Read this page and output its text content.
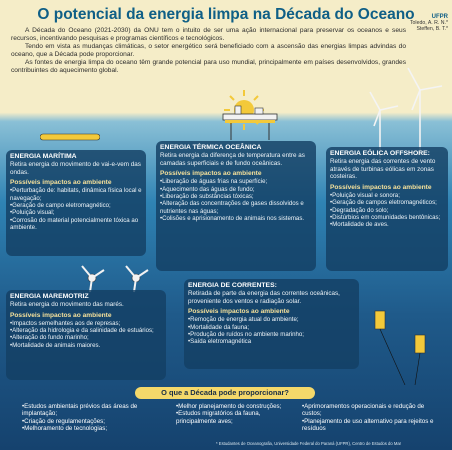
O potencial da energia limpa na Década do Oceano	UFPR
Toledo, A. R. N.*
Steffen, B. T.*
A Década do Oceano (2021-2030) da ONU tem o intuito de ser uma ação internacional para preservar os oceanos e seus recursos, incentivando pesquisas e programas científicos e tecnológicos.
Tendo em vista as mudanças climáticas, o setor energético será beneficiado com a ascensão das energias limpas advindas do oceano, que a Década pode proporcionar.
As fontes de energia limpa do oceano têm grande potencial para uso mundial, principalmente em países desenvolvidos, grandes contribuintes do aquecimento global.
ENERGIA MARÍTIMA
Retira energia do movimento de vai-e-vem das ondas.
Possíveis impactos ao ambiente
• Perturbação de: habitats, dinâmica física local e navegação;
• Geração de campo eletromagnético;
• Poluição visual;
• Corrosão do material potencialmente tóxica ao ambiente.
ENERGIA TÉRMICA OCEÂNICA
Retira energia da diferença de temperatura entre as camadas superficiais e de fundo oceânicas.
Possíveis impactos ao ambiente
• Liberação de águas frias na superfície;
• Aquecimento das águas de fundo;
• Liberação de substâncias tóxicas;
• Alteração das concentrações de gases dissolvidos e nutrientes nas águas;
• Colisões e aprisionamento de animais nos sistemas.
ENERGIA EÓLICA OFFSHORE:
Retira energia das correntes de vento através de turbinas eólicas em zonas costeiras.
Possíveis impactos ao ambiente
• Poluição visual e sonora;
• Geração de campos eletromagnéticos;
• Degradação do solo;
• Distúrbios em comunidades bentônicas;
• Mortalidade de aves.
ENERGIA MAREMOTRIZ
Retira energia do movimento das marés.
Possíveis impactos ao ambiente
• Impactos semelhantes aos de represas;
• Alteração da hidrologia e da salinidade de estuários;
• Alteração do fundo marinho;
• Mortalidade de animais maiores.
ENERGIA DE CORRENTES:
Retirada de parte da energia das correntes oceânicas, proveniente dos ventos e radiação solar.
Possíveis impactos ao ambiente
• Remoção de energia atual do ambiente;
• Mortalidade da fauna;
• Produção de ruídos no ambiente marinho;
• Saída eletromagnética
O que a Década pode proporcionar?
• Estudos ambientais prévios das áreas de implantação;
• Criação de regulamentações;
• Melhoramento de tecnologias;
• Melhor planejamento de construções;
• Estudos migratórios da fauna, principalmente aves;
• Aprimoramentos operacionais e redução de custos;
• Planejamento de uso alternativo para rejeitos e resíduos
* Estudantes de Oceanografia, Universidade Federal do Paraná (UFPR), Centro de Estudos do Mar
